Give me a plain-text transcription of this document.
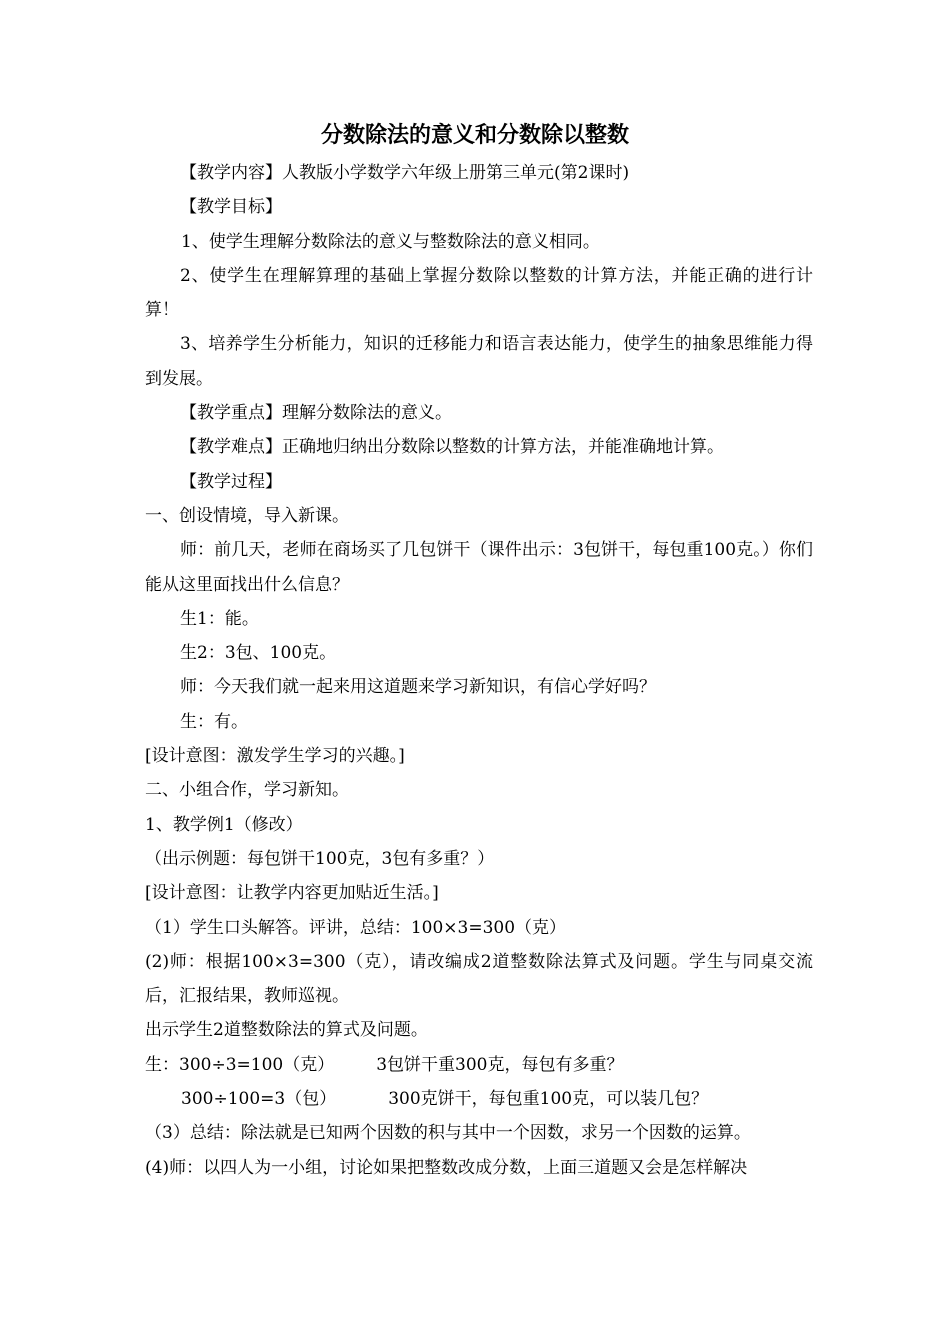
分数除法的意义和分数除以整数
【教学内容】人教版小学数学六年级上册第三单元(第2课时)
【教学目标】
1、使学生理解分数除法的意义与整数除法的意义相同。
2、使学生在理解算理的基础上掌握分数除以整数的计算方法，并能正确的进行计算！
3、培养学生分析能力，知识的迁移能力和语言表达能力，使学生的抽象思维能力得到发展。
【教学重点】理解分数除法的意义。
【教学难点】正确地归纳出分数除以整数的计算方法，并能准确地计算。
【教学过程】
一、创设情境，导入新课。
师：前几天，老师在商场买了几包饼干（课件出示：3包饼干，每包重100克。）你们能从这里面找出什么信息？
生1：能。
生2：3包、100克。
师：今天我们就一起来用这道题来学习新知识，有信心学好吗？
生：有。
[设计意图：激发学生学习的兴趣。]
二、小组合作，学习新知。
1、教学例1（修改）
（出示例题：每包饼干100克，3包有多重？）
[设计意图：让教学内容更加贴近生活。]
（1）学生口头解答。评讲，总结：100×3=300（克）
(2)师：根据100×3=300（克），请改编成2道整数除法算式及问题。学生与同桌交流后，汇报结果，教师巡视。
出示学生2道整数除法的算式及问题。
生：300÷3=100（克） 3包饼干重300克，每包有多重？
300÷100=3（包）	300克饼干，每包重100克，可以装几包？
（3）总结：除法就是已知两个因数的积与其中一个因数，求另一个因数的运算。
(4)师：以四人为一小组，讨论如果把整数改成分数，上面三道题又会是怎样解决
